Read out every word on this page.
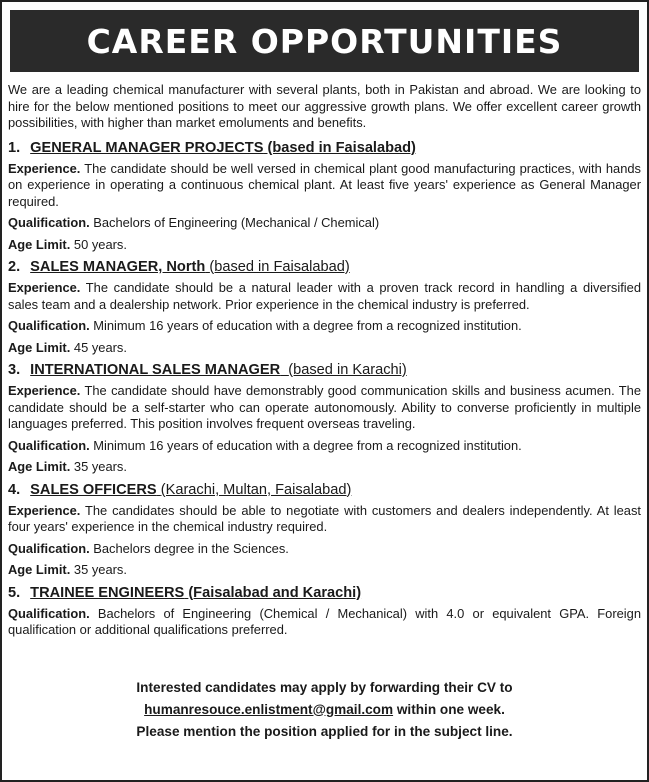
CAREER OPPORTUNITIES

We are a leading chemical manufacturer with several plants, both in Pakistan and abroad. We are looking to hire for the below mentioned positions to meet our aggressive growth plans. We offer excellent career growth possibilities, with higher than market emoluments and benefits.

1. GENERAL MANAGER PROJECTS (based in Faisalabad)

Experience. The candidate should be well versed in chemical plant good manufacturing practices, with hands on experience in operating a continuous chemical plant. At least five years' experience as General Manager required.

Qualification. Bachelors of Engineering (Mechanical / Chemical)

Age Limit. 50 years.

2. SALES MANAGER, North (based in Faisalabad)

Experience. The candidate should be a natural leader with a proven track record in handling a diversified sales team and a dealership network. Prior experience in the chemical industry is preferred.

Qualification. Minimum 16 years of education with a degree from a recognized institution.

Age Limit. 45 years.

3. INTERNATIONAL SALES MANAGER (based in Karachi)

Experience. The candidate should have demonstrably good communication skills and business acumen. The candidate should be a self-starter who can operate autonomously. Ability to converse proficiently in multiple languages preferred. This position involves frequent overseas traveling.

Qualification. Minimum 16 years of education with a degree from a recognized institution.

Age Limit. 35 years.

4. SALES OFFICERS (Karachi, Multan, Faisalabad)

Experience. The candidates should be able to negotiate with customers and dealers independently. At least four years' experience in the chemical industry required.

Qualification. Bachelors degree in the Sciences.

Age Limit. 35 years.

5. TRAINEE ENGINEERS (Faisalabad and Karachi)

Qualification. Bachelors of Engineering (Chemical / Mechanical) with 4.0 or equivalent GPA. Foreign qualification or additional qualifications preferred.

Interested candidates may apply by forwarding their CV to
humanresouce.enlistment@gmail.com within one week.
Please mention the position applied for in the subject line.
